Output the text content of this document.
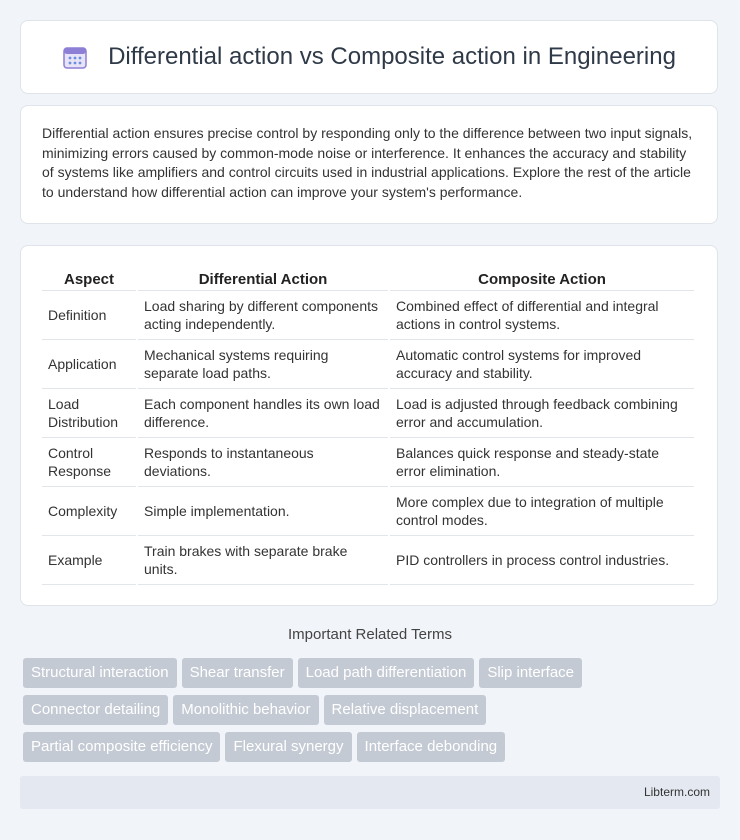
Differential action vs Composite action in Engineering

Differential action ensures precise control by responding only to the difference between two input signals, minimizing errors caused by common-mode noise or interference. It enhances the accuracy and stability of systems like amplifiers and control circuits used in industrial applications. Explore the rest of the article to understand how differential action can improve your system's performance.

Aspect	Differential Action	Composite Action
Definition	Load sharing by different components acting independently.	Combined effect of differential and integral actions in control systems.
Application	Mechanical systems requiring separate load paths.	Automatic control systems for improved accuracy and stability.
Load Distribution	Each component handles its own load difference.	Load is adjusted through feedback combining error and accumulation.
Control Response	Responds to instantaneous deviations.	Balances quick response and steady-state error elimination.
Complexity	Simple implementation.	More complex due to integration of multiple control modes.
Example	Train brakes with separate brake units.	PID controllers in process control industries.
Important Related Terms
Structural interaction Shear transfer Load path differentiation Slip interface
Connector detailing Monolithic behavior Relative displacement
Partial composite efficiency Flexural synergy Interface debonding
Libterm.com
